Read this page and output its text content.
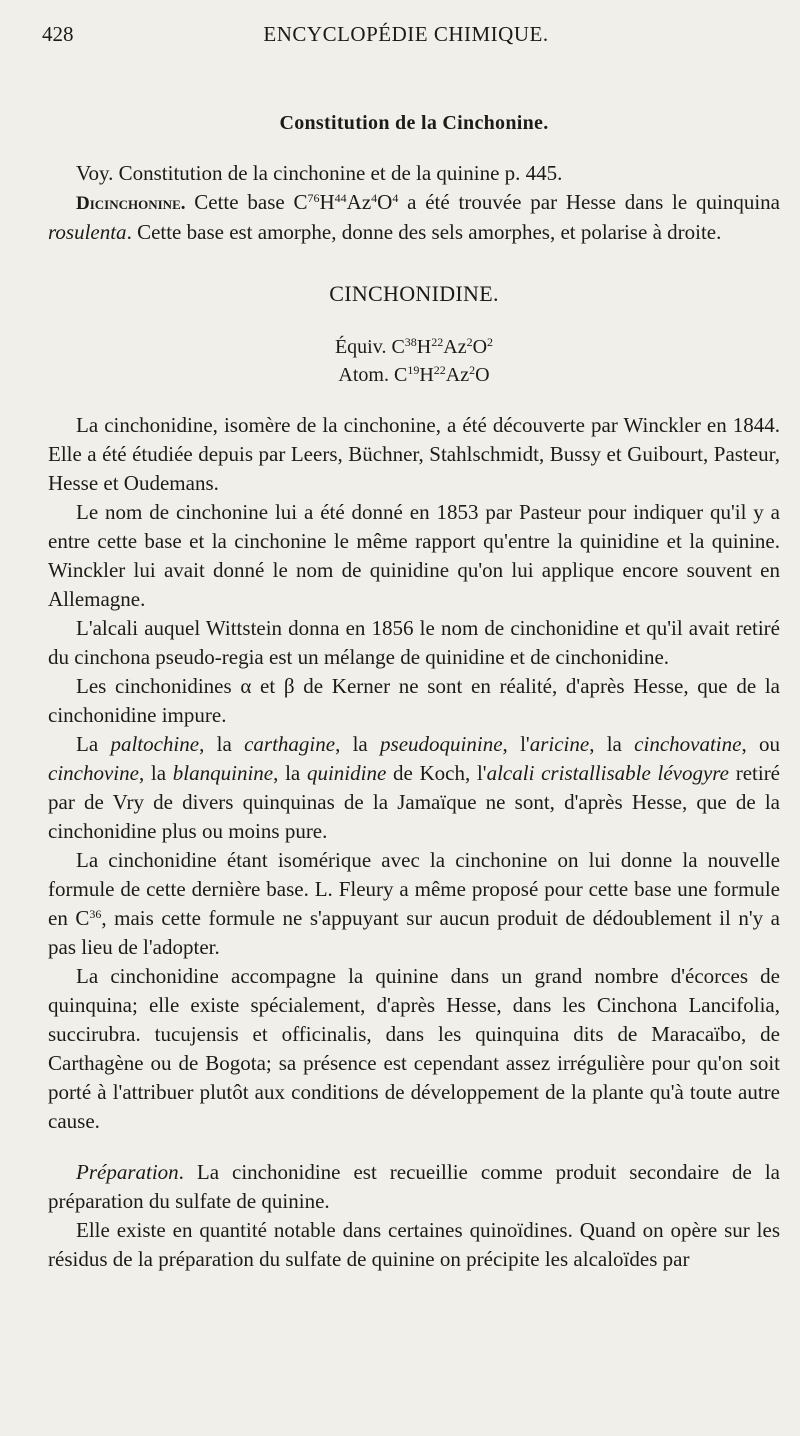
428	ENCYCLOPÉDIE CHIMIQUE.
Constitution de la Cinchonine.

Voy. Constitution de la cinchonine et de la quinine p. 445.

Dicinchonine. Cette base $C^{76}H^{44}Az^4O^4$ a été trouvée par Hesse dans le quinquina rosulenta. Cette base est amorphe, donne des sels amorphes, et polarise à droite.

CINCHONIDINE.
Équiv. $C^{38}H^{22}Az^2O^2$
Atom. $C^{19}H^{22}Az^2O$

La cinchonidine, isomère de la cinchonine, a été découverte par Winckler en 1844. Elle a été étudiée depuis par Leers, Büchner, Stahlschmidt, Bussy et Guibourt, Pasteur, Hesse et Oudemans.

Le nom de cinchonine lui a été donné en 1853 par Pasteur pour indiquer qu'il y a entre cette base et la cinchonine le même rapport qu'entre la quinidine et la quinine. Winckler lui avait donné le nom de quinidine qu'on lui applique encore souvent en Allemagne.

L'alcali auquel Wittstein donna en 1856 le nom de cinchonidine et qu'il avait retiré du cinchona pseudo-regia est un mélange de quinidine et de cinchonidine.

Les cinchonidines α et β de Kerner ne sont en réalité, d'après Hesse, que de la cinchonidine impure.

La paltochine, la carthagine, la pseudoquinine, l'aricine, la cinchovatine, ou cinchovine, la blanquinine, la quinidine de Koch, l'alcali cristallisable lévogyre retiré par de Vry de divers quinquinas de la Jamaïque ne sont, d'après Hesse, que de la cinchonidine plus ou moins pure.

La cinchonidine étant isomérique avec la cinchonine on lui donne la nouvelle formule de cette dernière base. L. Fleury a même proposé pour cette base une formule en $C^{36}$, mais cette formule ne s'appuyant sur aucun produit de dédoublement il n'y a pas lieu de l'adopter.

La cinchonidine accompagne la quinine dans un grand nombre d'écorces de quinquina; elle existe spécialement, d'après Hesse, dans les Cinchona Lancifolia, succirubra. tucujensis et officinalis, dans les quinquina dits de Maracaïbo, de Carthagène ou de Bogota; sa présence est cependant assez irrégulière pour qu'on soit porté à l'attribuer plutôt aux conditions de développement de la plante qu'à toute autre cause.

Préparation. La cinchonidine est recueillie comme produit secondaire de la préparation du sulfate de quinine.

Elle existe en quantité notable dans certaines quinoïdines. Quand on opère sur les résidus de la préparation du sulfate de quinine on précipite les alcaloïdes par
